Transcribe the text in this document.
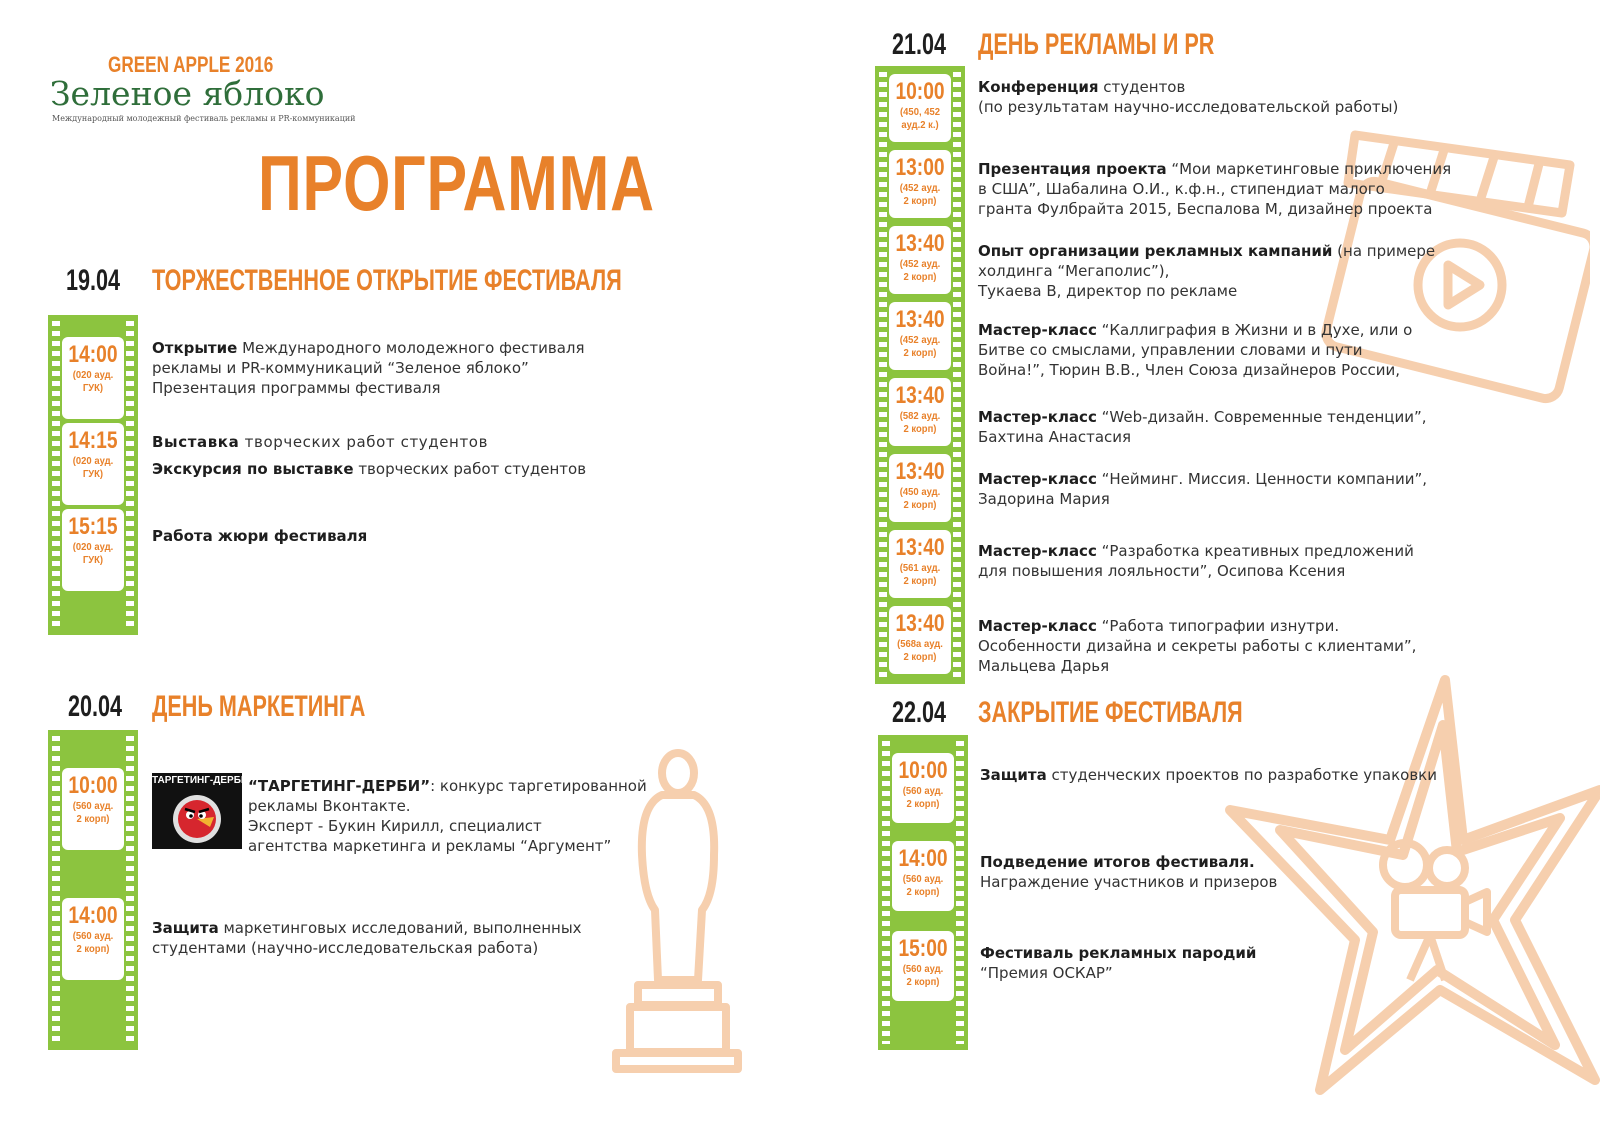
GREEN APPLE 2016
Зеленое яблоко
Международный молодежный фестиваль рекламы и PR-коммуникаций
ПРОГРАММА
19.04 ТОРЖЕСТВЕННОЕ ОТКРЫТИЕ ФЕСТИВАЛЯ
14:00
(020 ауд.
ГУК)
14:15
(020 ауд.
ГУК)
15:15
(020 ауд.
ГУК)
Открытие Международного молодежного фестиваля
рекламы и PR-коммуникаций “Зеленое яблоко”
Презентация программы фестиваля
Выставка творческих работ студентов
Экскурсия по выставке творческих работ студентов
Работа жюри фестиваля
20.04 ДЕНЬ МАРКЕТИНГА
10:00
(560 ауд.
2 корп)
14:00
(560 ауд.
2 корп)
ТАРГЕТИНГ-ДЕРБИ “ТАРГЕТИНГ-ДЕРБИ”: конкурс таргетированной
рекламы Вконтакте.
Эксперт - Букин Кирилл, специалист
агентства маркетинга и рекламы “Аргумент”
Защита маркетинговых исследований, выполненных
студентами (научно-исследовательская работа)
21.04 ДЕНЬ РЕКЛАМЫ И PR
10:00
(450, 452
ауд.2 к.)
13:00
(452 ауд.
2 корп)
13:40
(452 ауд.
2 корп)
13:40
(452 ауд.
2 корп)
13:40
(582 ауд.
2 корп)
13:40
(450 ауд.
2 корп)
13:40
(561 ауд.
2 корп)
13:40
(568а ауд.
2 корп)
Конференция студентов
(по результатам научно-исследовательской работы)
Презентация проекта “Мои маркетинговые приключения
в США”, Шабалина О.И., к.ф.н., стипендиат малого
гранта Фулбрайта 2015, Беспалова М, дизайнер проекта
Опыт организации рекламных кампаний (на примере
холдинга “Мегаполис”),
Тукаева В, директор по рекламе
Мастер-класс “Каллиграфия в Жизни и в Духе, или о
Битве со смыслами, управлении словами и пути
Война!”, Тюрин В.В., Член Союза дизайнеров России,
Мастер-класс “Web-дизайн. Современные тенденции”,
Бахтина Анастасия
Мастер-класс “Нейминг. Миссия. Ценности компании”,
Задорина Мария
Мастер-класс “Разработка креативных предложений
для повышения лояльности”, Осипова Ксения
Мастер-класс “Работа типографии изнутри.
Особенности дизайна и секреты работы с клиентами”,
Мальцева Дарья
22.04 ЗАКРЫТИЕ ФЕСТИВАЛЯ
10:00
(560 ауд.
2 корп)
14:00
(560 ауд.
2 корп)
15:00
(560 ауд.
2 корп)
Защита студенческих проектов по разработке упаковки
Подведение итогов фестиваля.
Награждение участников и призеров
Фестиваль рекламных пародий
“Премия ОСКАР”
